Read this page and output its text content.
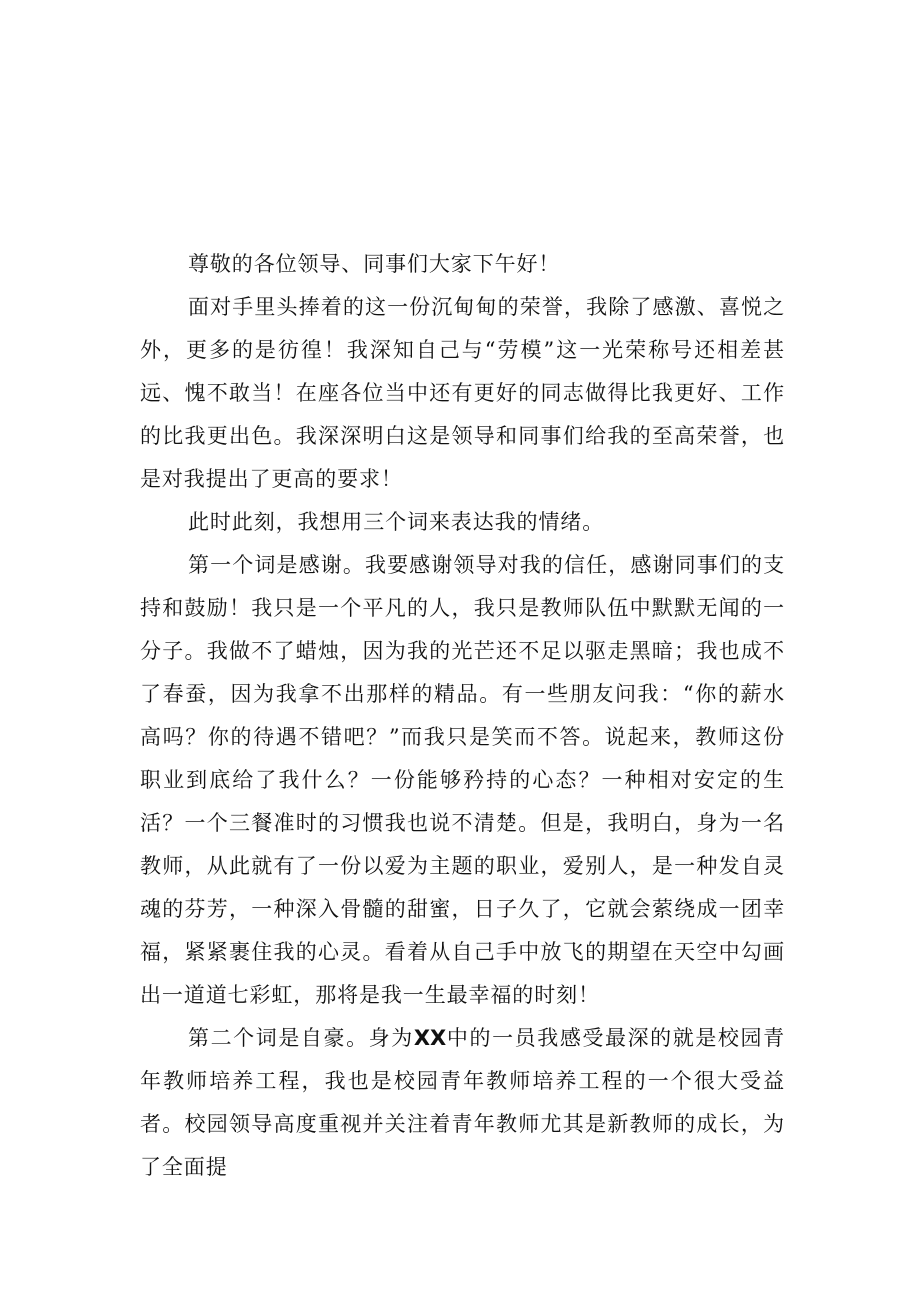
尊敬的各位领导、同事们大家下午好！

面对手里头捧着的这一份沉甸甸的荣誉，我除了感激、喜悦之外，更多的是彷徨！我深知自己与“劳模”这一光荣称号还相差甚远、愧不敢当！在座各位当中还有更好的同志做得比我更好、工作的比我更出色。我深深明白这是领导和同事们给我的至高荣誉，也是对我提出了更高的要求！

此时此刻，我想用三个词来表达我的情绪。

第一个词是感谢。我要感谢领导对我的信任，感谢同事们的支持和鼓励！我只是一个平凡的人，我只是教师队伍中默默无闻的一分子。我做不了蜡烛，因为我的光芒还不足以驱走黑暗；我也成不了春蚕，因为我拿不出那样的精品。有一些朋友问我：“你的薪水高吗？你的待遇不错吧？”而我只是笑而不答。说起来，教师这份职业到底给了我什么？一份能够矜持的心态？一种相对安定的生活？一个三餐准时的习惯我也说不清楚。但是，我明白，身为一名教师，从此就有了一份以爱为主题的职业，爱别人，是一种发自灵魂的芬芳，一种深入骨髓的甜蜜，日子久了，它就会萦绕成一团幸福，紧紧裹住我的心灵。看着从自己手中放飞的期望在天空中勾画出一道道七彩虹，那将是我一生最幸福的时刻！

第二个词是自豪。身为XX中的一员我感受最深的就是校园青年教师培养工程，我也是校园青年教师培养工程的一个很大受益者。校园领导高度重视并关注着青年教师尤其是新教师的成长，为了全面提
